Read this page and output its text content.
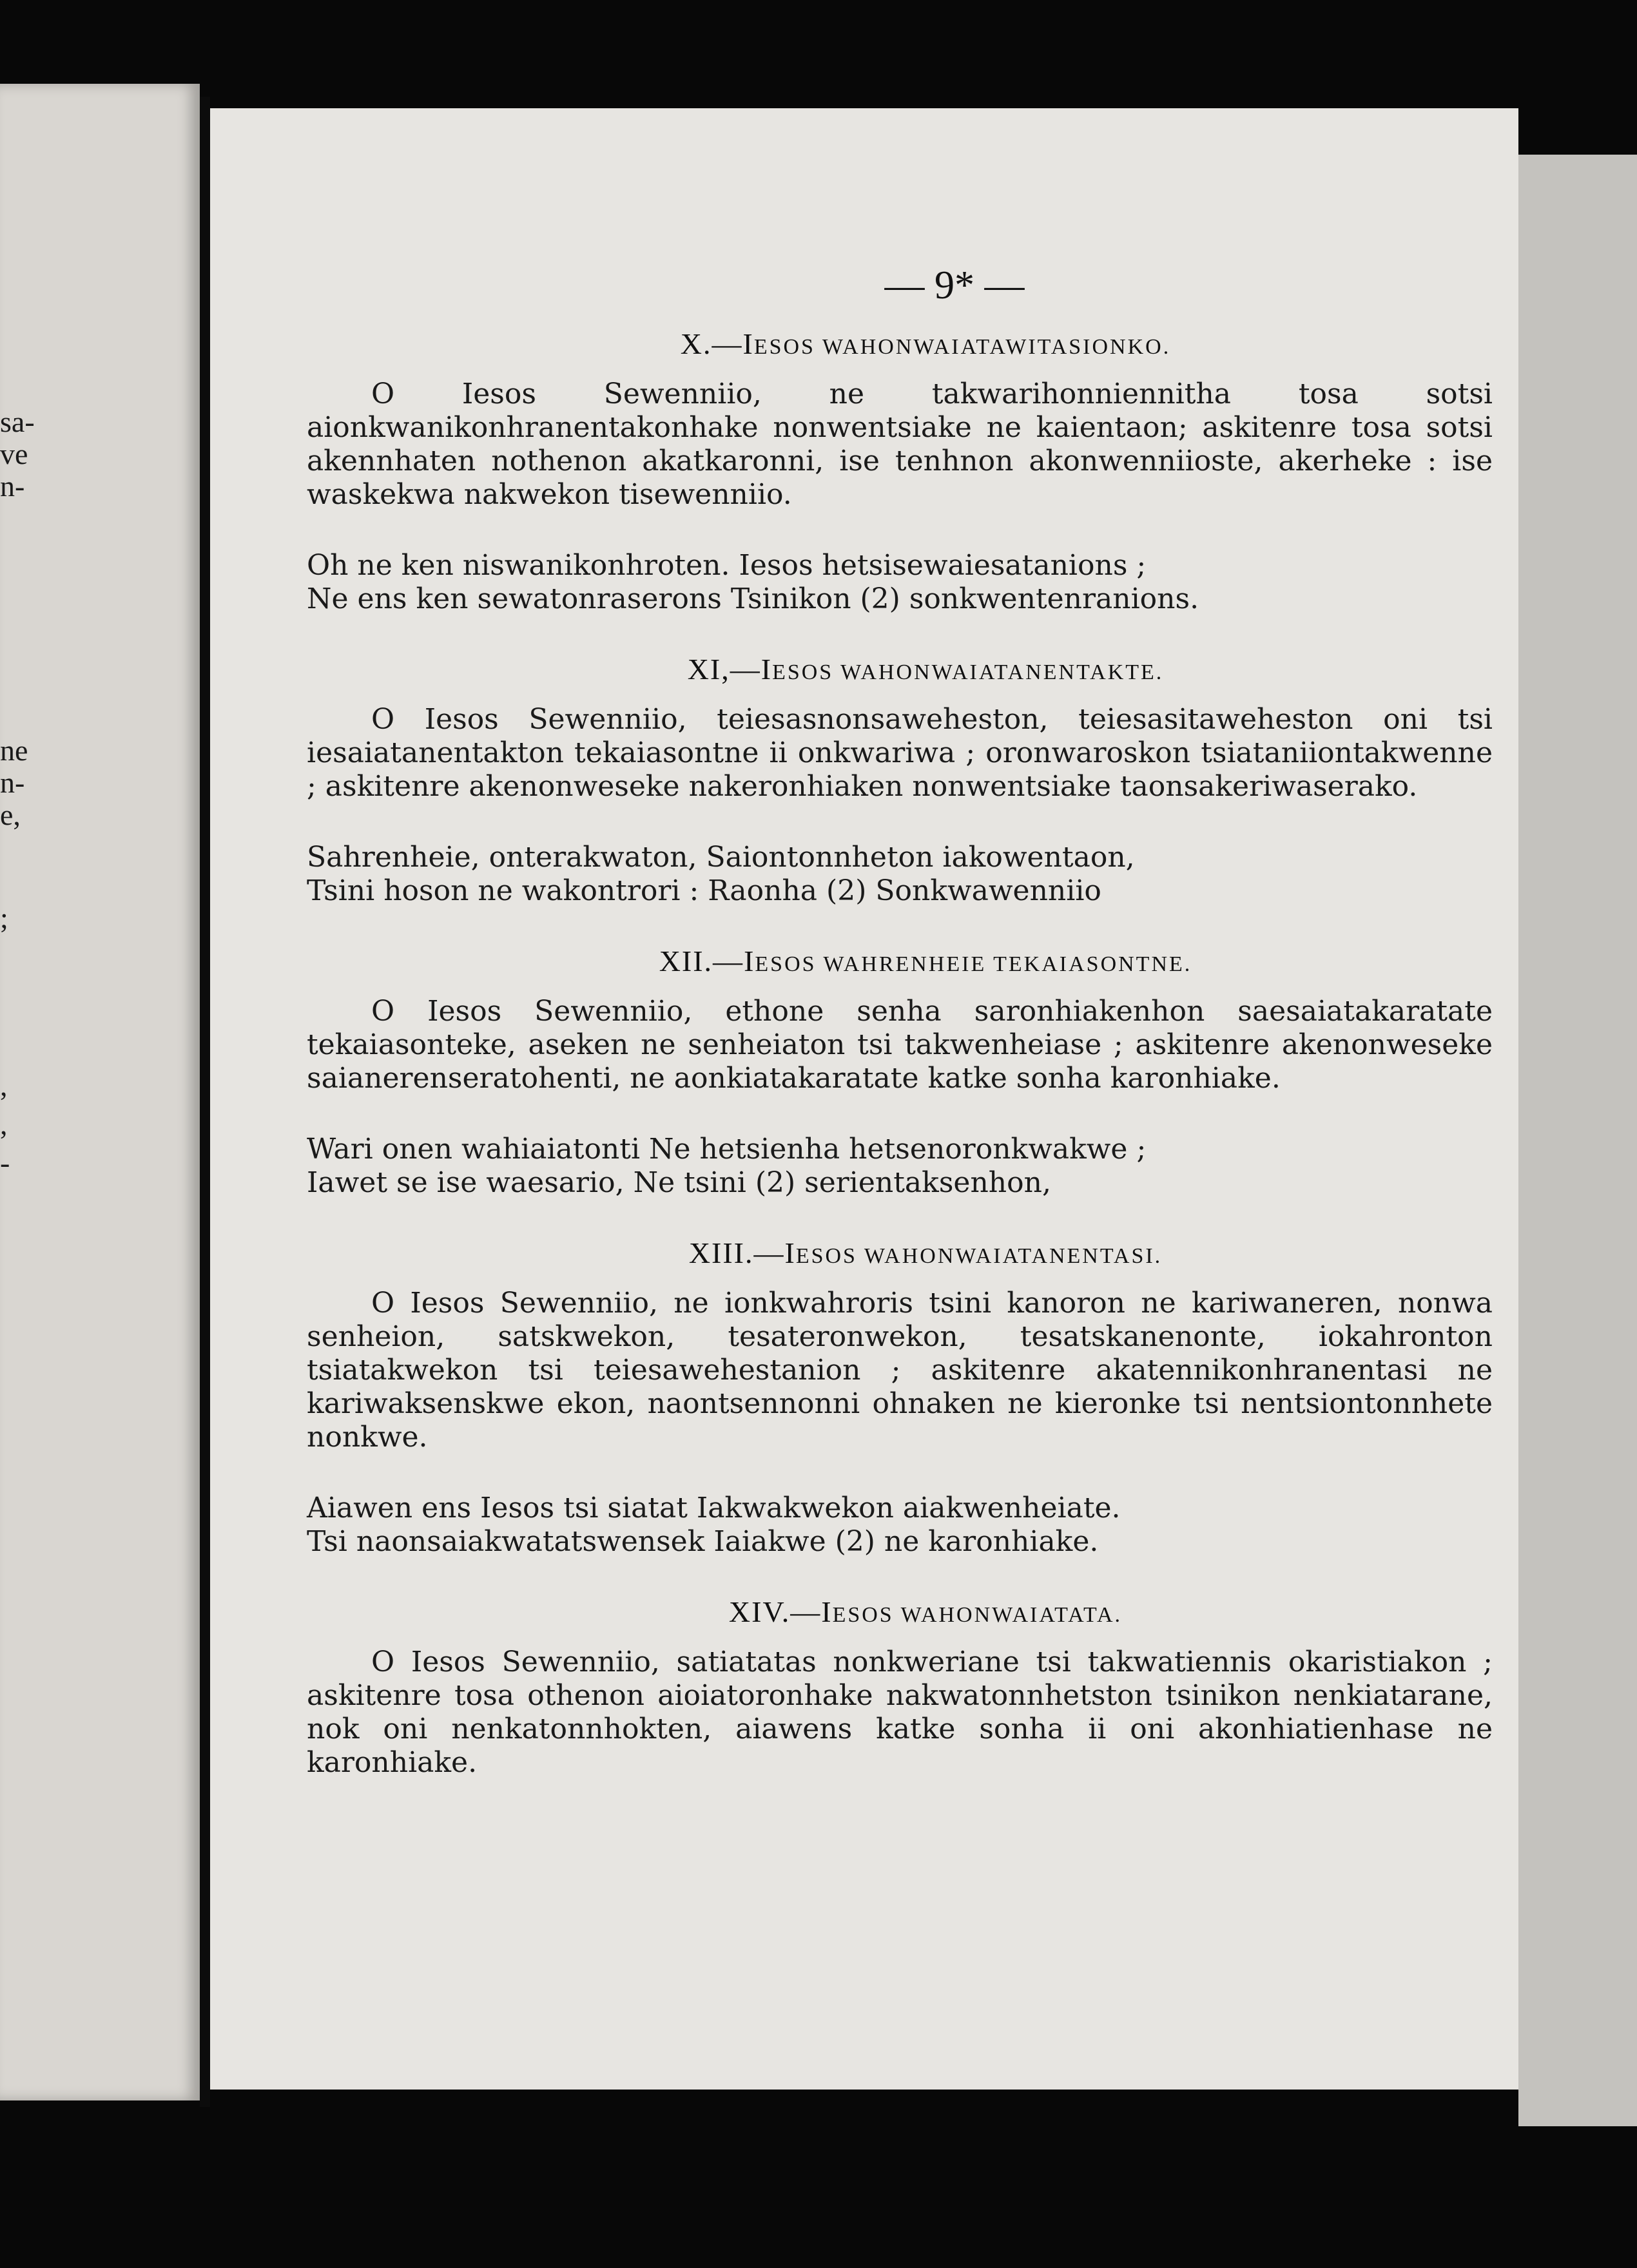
sa-
ve
n-
ne
n-
e,
;
,
,
-
— 9* —
X.—IESOS WAHONWAIATAWITASIONKO.

O Iesos Sewenniio, ne takwarihonniennitha tosa sotsi aionkwanikonhranentakonhake nonwentsiake ne kaientaon; askitenre tosa sotsi akennhaten nothenon akatkaronni, ise tenhnon akonwenniioste, akerheke : ise waskekwa nakwekon tisewenniio.

Oh ne ken niswanikonhroten. Iesos hetsisewaiesatanions ;
Ne ens ken sewatonraserons Tsinikon (2) sonkwentenranions.
XI,—IESOS WAHONWAIATANENTAKTE.

O Iesos Sewenniio, teiesasnonsaweheston, teiesasitaweheston oni tsi iesaiatanentakton tekaiasontne ii onkwariwa ; oronwaroskon tsiataniiontakwenne ; askitenre akenonweseke nakeronhiaken nonwentsiake taonsakeriwaserako.

Sahrenheie, onterakwaton, Saiontonnheton iakowentaon,
Tsini hoson ne wakontrori : Raonha (2) Sonkwawenniio
XII.—IESOS WAHRENHEIE TEKAIASONTNE.

O Iesos Sewenniio, ethone senha saronhiakenhon saesaiatakaratate tekaiasonteke, aseken ne senheiaton tsi takwenheiase ; askitenre akenonweseke saianerenseratohenti, ne aonkiatakaratate katke sonha karonhiake.

Wari onen wahiaiatonti Ne hetsienha hetsenoronkwakwe ;
Iawet se ise waesario, Ne tsini (2) serientaksenhon,
XIII.—IESOS WAHONWAIATANENTASI.

O Iesos Sewenniio, ne ionkwahroris tsini kanoron ne kariwaneren, nonwa senheion, satskwekon, tesateronwekon, tesatskanenonte, iokahronton tsiatakwekon tsi teiesawehestanion ; askitenre akatennikonhranentasi ne kariwaksenskwe ekon, naontsennonni ohnaken ne kieronke tsi nentsiontonnhete nonkwe.

Aiawen ens Iesos tsi siatat Iakwakwekon aiakwenheiate.
Tsi naonsaiakwatatswensek Iaiakwe (2) ne karonhiake.
XIV.—IESOS WAHONWAIATATA.

O Iesos Sewenniio, satiatatas nonkweriane tsi takwatiennis okaristiakon ; askitenre tosa othenon aioiatoronhake nakwatonnhetston tsinikon nenkiatarane, nok oni nenkatonnhokten, aiawens katke sonha ii oni akonhiatienhase ne karonhiake.
